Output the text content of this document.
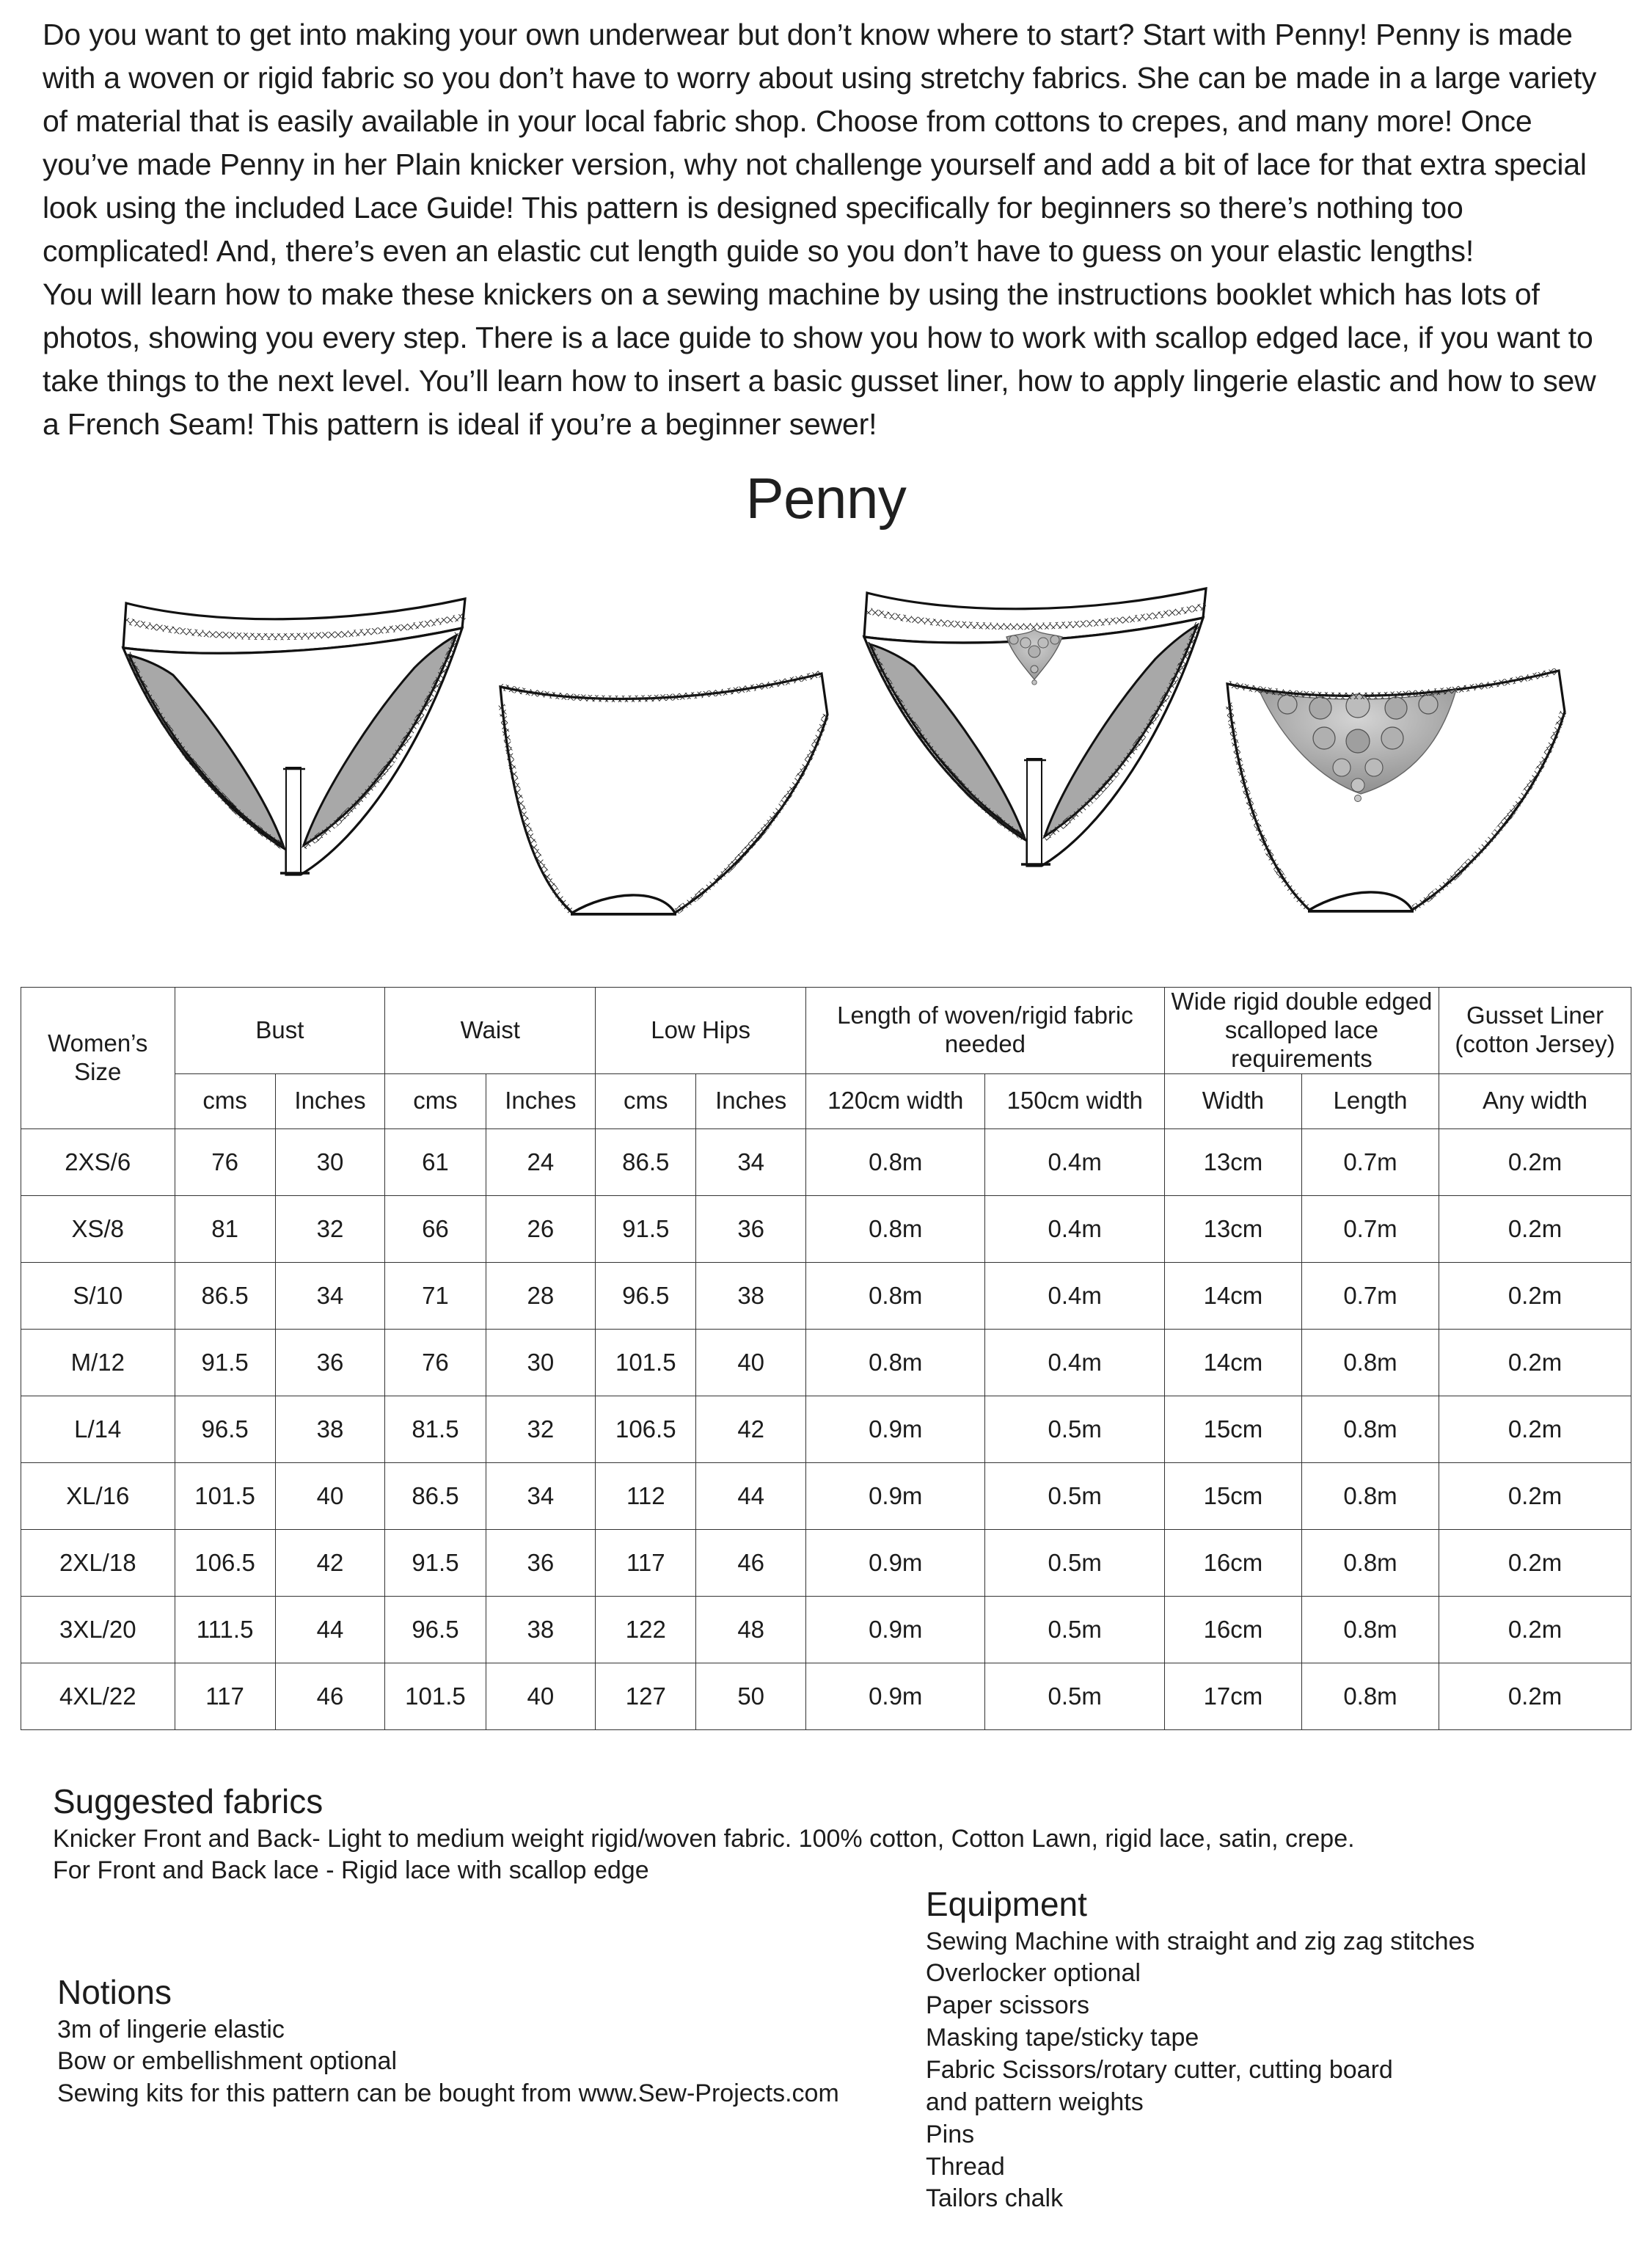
Do you want to get into making your own underwear but don’t know where to start? Start with Penny! Penny is made with a woven or rigid fabric so you don’t have to worry about using stretchy fabrics. She can be made in a large variety of material that is easily available in your local fabric shop. Choose from cottons to crepes, and many more! Once you’ve made Penny in her Plain knicker version, why not challenge yourself and add a bit of lace for that extra special look using the included Lace Guide! This pattern is designed specifically for beginners so there’s nothing too complicated! And, there’s even an elastic cut length guide so you don’t have to guess on your elastic lengths!

You will learn how to make these knickers on a sewing machine by using the instructions booklet which has lots of photos, showing you every step. There is a lace guide to show you how to work with scallop edged lace, if you want to take things to the next level. You’ll learn how to insert a basic gusset liner, how to apply lingerie elastic and how to sew a French Seam! This pattern is ideal if you’re a beginner sewer!

Penny
Women’s Size	Bust		Waist		Low Hips		Length of woven/rigid fabric needed		Wide rigid double edged scalloped lace requirements		Gusset Liner (cotton Jersey)
	cms	Inches	cms	Inches	cms	Inches	120cm width	150cm width	Width	Length	Any width
2XS/6	76	30	61	24	86.5	34	0.8m	0.4m	13cm	0.7m	0.2m
XS/8	81	32	66	26	91.5	36	0.8m	0.4m	13cm	0.7m	0.2m
S/10	86.5	34	71	28	96.5	38	0.8m	0.4m	14cm	0.7m	0.2m
M/12	91.5	36	76	30	101.5	40	0.8m	0.4m	14cm	0.8m	0.2m
L/14	96.5	38	81.5	32	106.5	42	0.9m	0.5m	15cm	0.8m	0.2m
XL/16	101.5	40	86.5	34	112	44	0.9m	0.5m	15cm	0.8m	0.2m
2XL/18	106.5	42	91.5	36	117	46	0.9m	0.5m	16cm	0.8m	0.2m
3XL/20	111.5	44	96.5	38	122	48	0.9m	0.5m	16cm	0.8m	0.2m
4XL/22	117	46	101.5	40	127	50	0.9m	0.5m	17cm	0.8m	0.2m
Suggested fabrics
Knicker Front and Back- Light to medium weight rigid/woven fabric. 100% cotton, Cotton Lawn, rigid lace, satin, crepe.
For Front and Back lace - Rigid lace with scallop edge
Notions
3m of lingerie elastic
Bow or embellishment optional
Sewing kits for this pattern can be bought from www.Sew-Projects.com
Equipment
Sewing Machine with straight and zig zag stitches
Overlocker optional
Paper scissors
Masking tape/sticky tape
Fabric Scissors/rotary cutter, cutting board
and pattern weights
Pins
Thread
Tailors chalk
